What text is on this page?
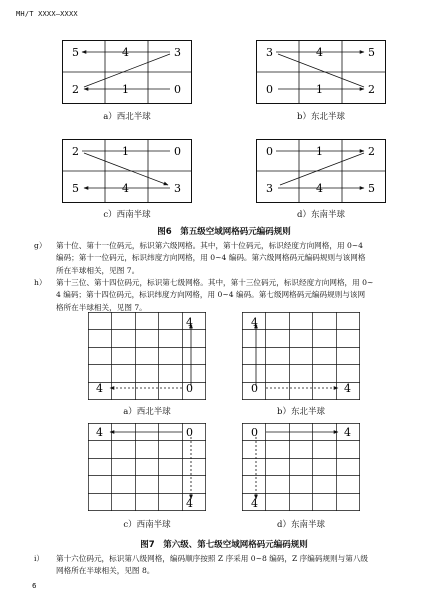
MH/T XXXX—XXXX
5	4	3
2	1	0
a）西北半球
3	4	5
0	1	2
b）东北半球
2	1	0
5	4	3
c）西南半球
0	1	2
3	4	5
d）东南半球
图6　第五级空域网格码元编码规则
g） 第十位、第十一位码元，标识第六级网格。其中，第十位码元，标识经度方向网格，用 0~4
编码；第十一位码元，标识纬度方向网格，用 0~4 编码。第六级网格码元编码规则与该网格
所在半球相关，见图 7。
h） 第十三位、第十四位码元，标识第七级网格。其中，第十三位码元，标识经度方向网格，用 0~
4 编码；第十四位码元，标识纬度方向网格，用 0~4 编码。第七级网格码元编码规则与该网
格所在半球相关，见图 7。
4
4	0
a）西北半球
4
0	4
b）东北半球
4	0
4
c）西南半球
0	4
4
d）东南半球
图7　第六级、第七级空域网格码元编码规则
i） 第十六位码元，标识第八级网格，编码顺序按照 Z 序采用 0~8 编码，Z 序编码规则与第八级
网格所在半球相关，见图 8。
6
